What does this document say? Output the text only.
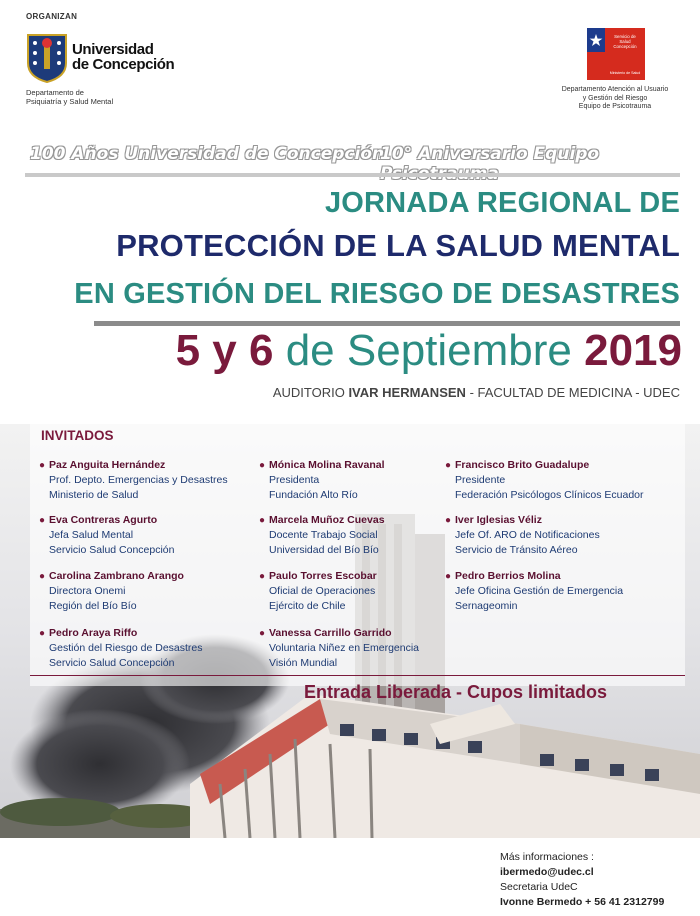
ORGANIZAN
Universidad
de Concepción
Departamento de
Psiquiatría y Salud Mental
Servicio de
Salud
Concepción
Ministerio de Salud
Departamento Atención al Usuario
y Gestión del Riesgo
Equipo de Psicotrauma
100 Años Universidad de Concepción
10° Aniversario Equipo
JORNADA REGIONAL DE
PROTECCIÓN DE LA SALUD MENTAL
EN GESTIÓN DEL RIESGO DE DESASTRES
5 y 6 de Septiembre 2019
AUDITORIO IVAR HERMANSEN - FACULTAD DE MEDICINA - UDEC
INVITADOS
● Paz Anguita Hernández
Prof. Depto. Emergencias y Desastres
Ministerio de Salud
● Eva Contreras Agurto
Jefa Salud Mental
Servicio Salud Concepción
● Carolina Zambrano Arango
Directora Onemi
Región del Bío Bío
● Pedro Araya Riffo
Gestión del Riesgo de Desastres
Servicio Salud Concepción
● Mónica Molina Ravanal
Presidenta
Fundación Alto Río
● Marcela Muñoz Cuevas
Docente Trabajo Social
Universidad del Bío Bío
● Paulo Torres Escobar
Oficial de Operaciones
Ejército de Chile
● Vanessa Carrillo Garrido
Voluntaria Niñez en Emergencia
Visión Mundial
● Francisco Brito Guadalupe
Presidente
Federación Psicólogos Clínicos Ecuador
● Iver Iglesias Véliz
Jefe Of. ARO de Notificaciones
Servicio de Tránsito Aéreo
● Pedro Berrios Molina
Jefe Oficina Gestión de Emergencia
Sernageomin
Entrada Liberada - Cupos limitados
Más informaciones :
ibermedo@udec.cl
Secretaria UdeC
Ivonne Bermedo + 56 41 2312799
